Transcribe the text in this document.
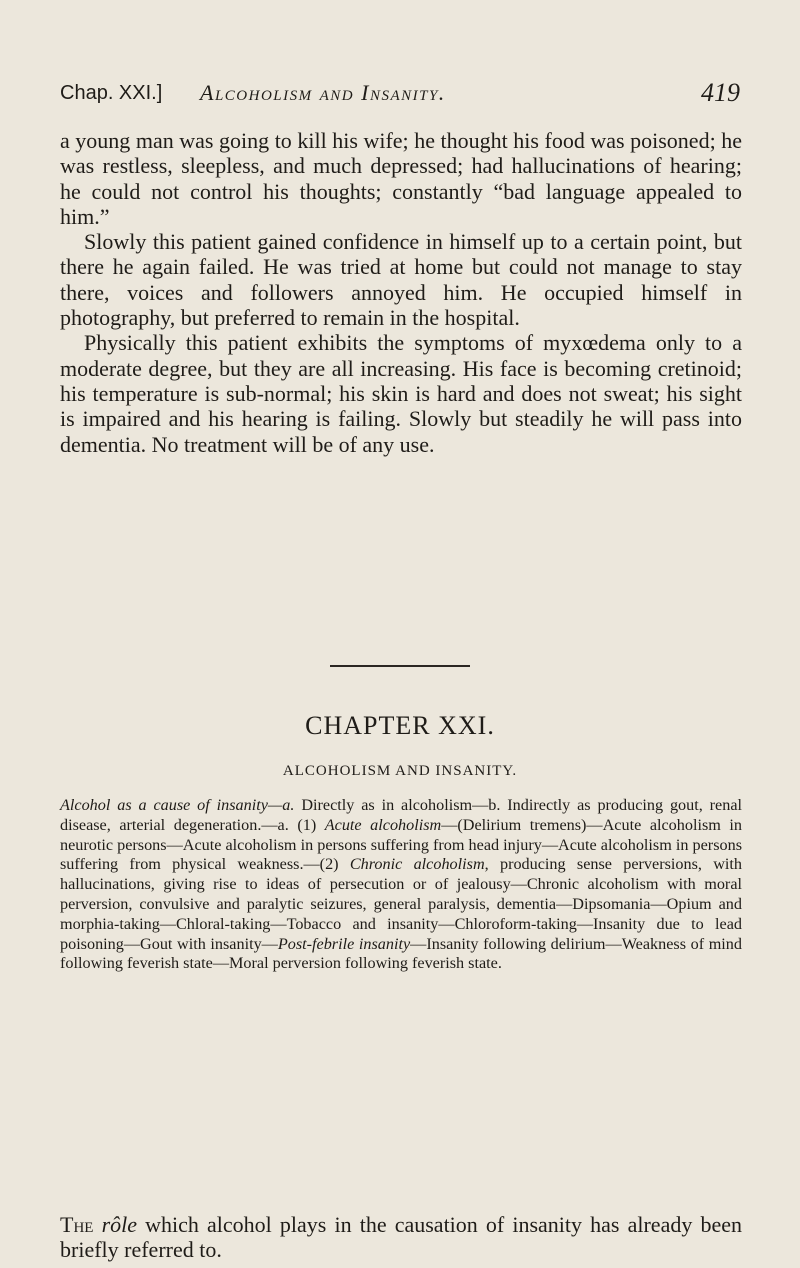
Chap. XXI.] Alcoholism and Insanity.	419

a young man was going to kill his wife; he thought his food was poisoned; he was restless, sleepless, and much depressed; had hallucinations of hearing; he could not control his thoughts; constantly “bad language appealed to him.”

Slowly this patient gained confidence in himself up to a certain point, but there he again failed. He was tried at home but could not manage to stay there, voices and followers annoyed him. He occupied himself in photography, but preferred to remain in the hospital.

Physically this patient exhibits the symptoms of myxœdema only to a moderate degree, but they are all increasing. His face is becoming cretinoid; his temperature is sub-normal; his skin is hard and does not sweat; his sight is impaired and his hearing is failing. Slowly but steadily he will pass into dementia. No treatment will be of any use.

CHAPTER XXI.
ALCOHOLISM AND INSANITY.
Alcohol as a cause of insanity—a. Directly as in alcoholism—b. Indirectly as producing gout, renal disease, arterial degeneration.—a. (1) Acute alcoholism—(Delirium tremens)—Acute alcoholism in neurotic persons—Acute alcoholism in persons suffering from head injury—Acute alcoholism in persons suffering from physical weakness.—(2) Chronic alcoholism, producing sense perversions, with hallucinations, giving rise to ideas of persecution or of jealousy—Chronic alcoholism with moral perversion, convulsive and paralytic seizures, general paralysis, dementia—Dipsomania—Opium and morphia-taking—Chloral-taking—Tobacco and insanity—Chloroform-taking—Insanity due to lead poisoning—Gout with insanity—Post-febrile insanity—Insanity following delirium—Weakness of mind following feverish state—Moral perversion following feverish state.
The rôle which alcohol plays in the causation of insanity has already been briefly referred to.
